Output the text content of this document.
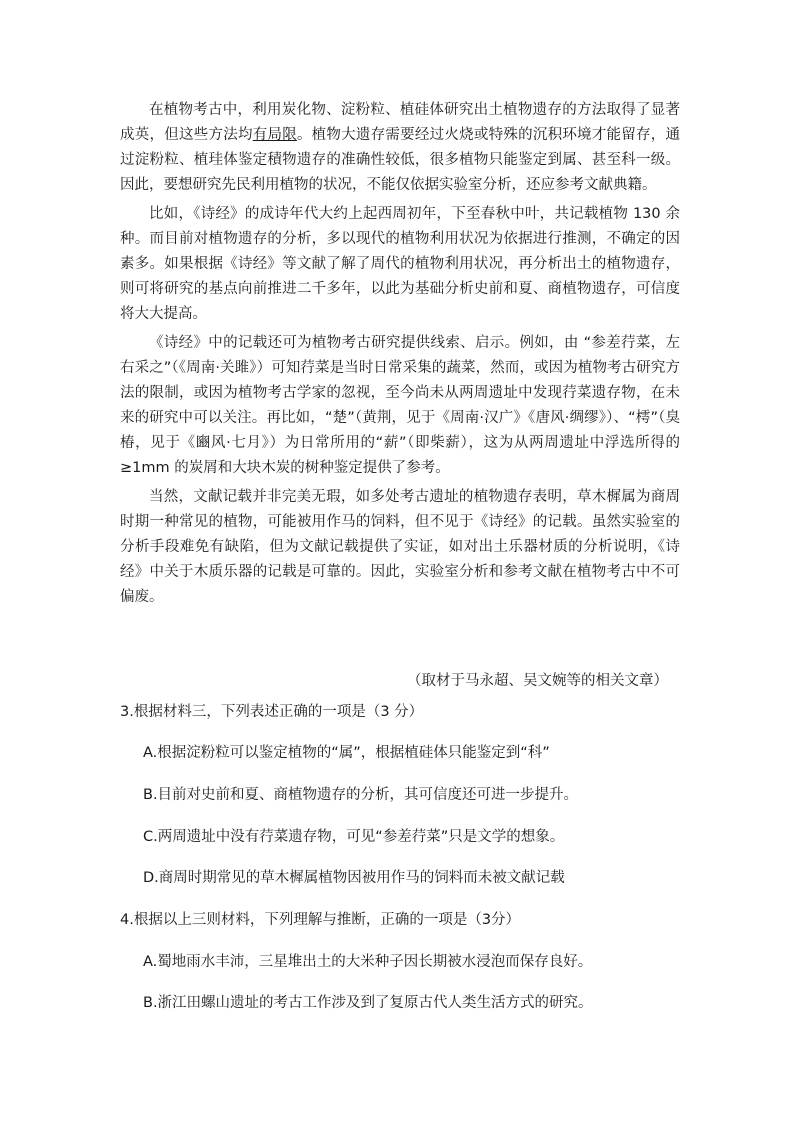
在植物考古中，利用炭化物、淀粉粒、植硅体研究出土植物遗存的方法取得了显著成英，但这些方法均有局限。植物大遗存需要经过火烧或特殊的沉积环境才能留存，通过淀粉粒、植珪体鉴定積物遗存的准确性较低，很多植物只能鉴定到属、甚至科一级。因此，要想研究先民利用植物的状况，不能仅依据实验室分析，还应参考文献典籍。

比如，《诗经》的成诗年代大约上起西周初年，下至春秋中叶，共记载植物 130 余种。而目前对植物遗存的分析，多以现代的植物利用状况为依据进行推测，不确定的因素多。如果根据《诗经》等文献了解了周代的植物利用状况，再分析出土的植物遗存，则可将研究的基点向前推进二千多年，以此为基础分析史前和夏、商植物遗存，可信度将大大提高。

《诗经》中的记载还可为植物考古研究提供线索、启示。例如，由 “参差荇菜，左右采之”（《周南·关雎》）可知荇菜是当时日常采集的蔬菜，然而，或因为植物考古研究方法的限制，或因为植物考古学家的忽视，至今尚未从两周遗址中发现荇菜遗存物，在未来的研究中可以关注。再比如，“楚”（黄荆，见于《周南·汉广》《唐风·绸缪》）、“樗”（臭椿，见于《豳风·七月》）为日常所用的“薪”（即柴薪），这为从两周遗址中浮选所得的≥1mm 的炭屑和大块木炭的树种鉴定提供了参考。

当然，文献记载并非完美无瑕，如多处考古遗址的植物遗存表明，草木樨属为商周时期一种常见的植物，可能被用作马的饲料，但不见于《诗经》的记载。虽然实验室的分析手段难免有缺陷，但为文献记载提供了实证，如对出土乐器材质的分析说明，《诗经》中关于木质乐器的记载是可靠的。因此，实验室分析和参考文献在植物考古中不可偏废。

（取材于马永超、吴文婉等的相关文章）
3.根据材料三，下列表述正确的一项是（3 分）
A.根据淀粉粒可以鉴定植物的“属”，根据植硅体只能鉴定到“科”
B.目前对史前和夏、商植物遗存的分析，其可信度还可进一步提升。
C.两周遗址中没有荇菜遗存物，可见“参差荇菜”只是文学的想象。
D.商周时期常见的草木樨属植物因被用作马的饲料而未被文献记载
4.根据以上三则材料，下列理解与推断，正确的一项是（3分）
A.蜀地雨水丰沛，三星堆出土的大米种子因长期被水浸泡而保存良好。
B.浙江田螺山遗址的考古工作涉及到了复原古代人类生活方式的研究。
